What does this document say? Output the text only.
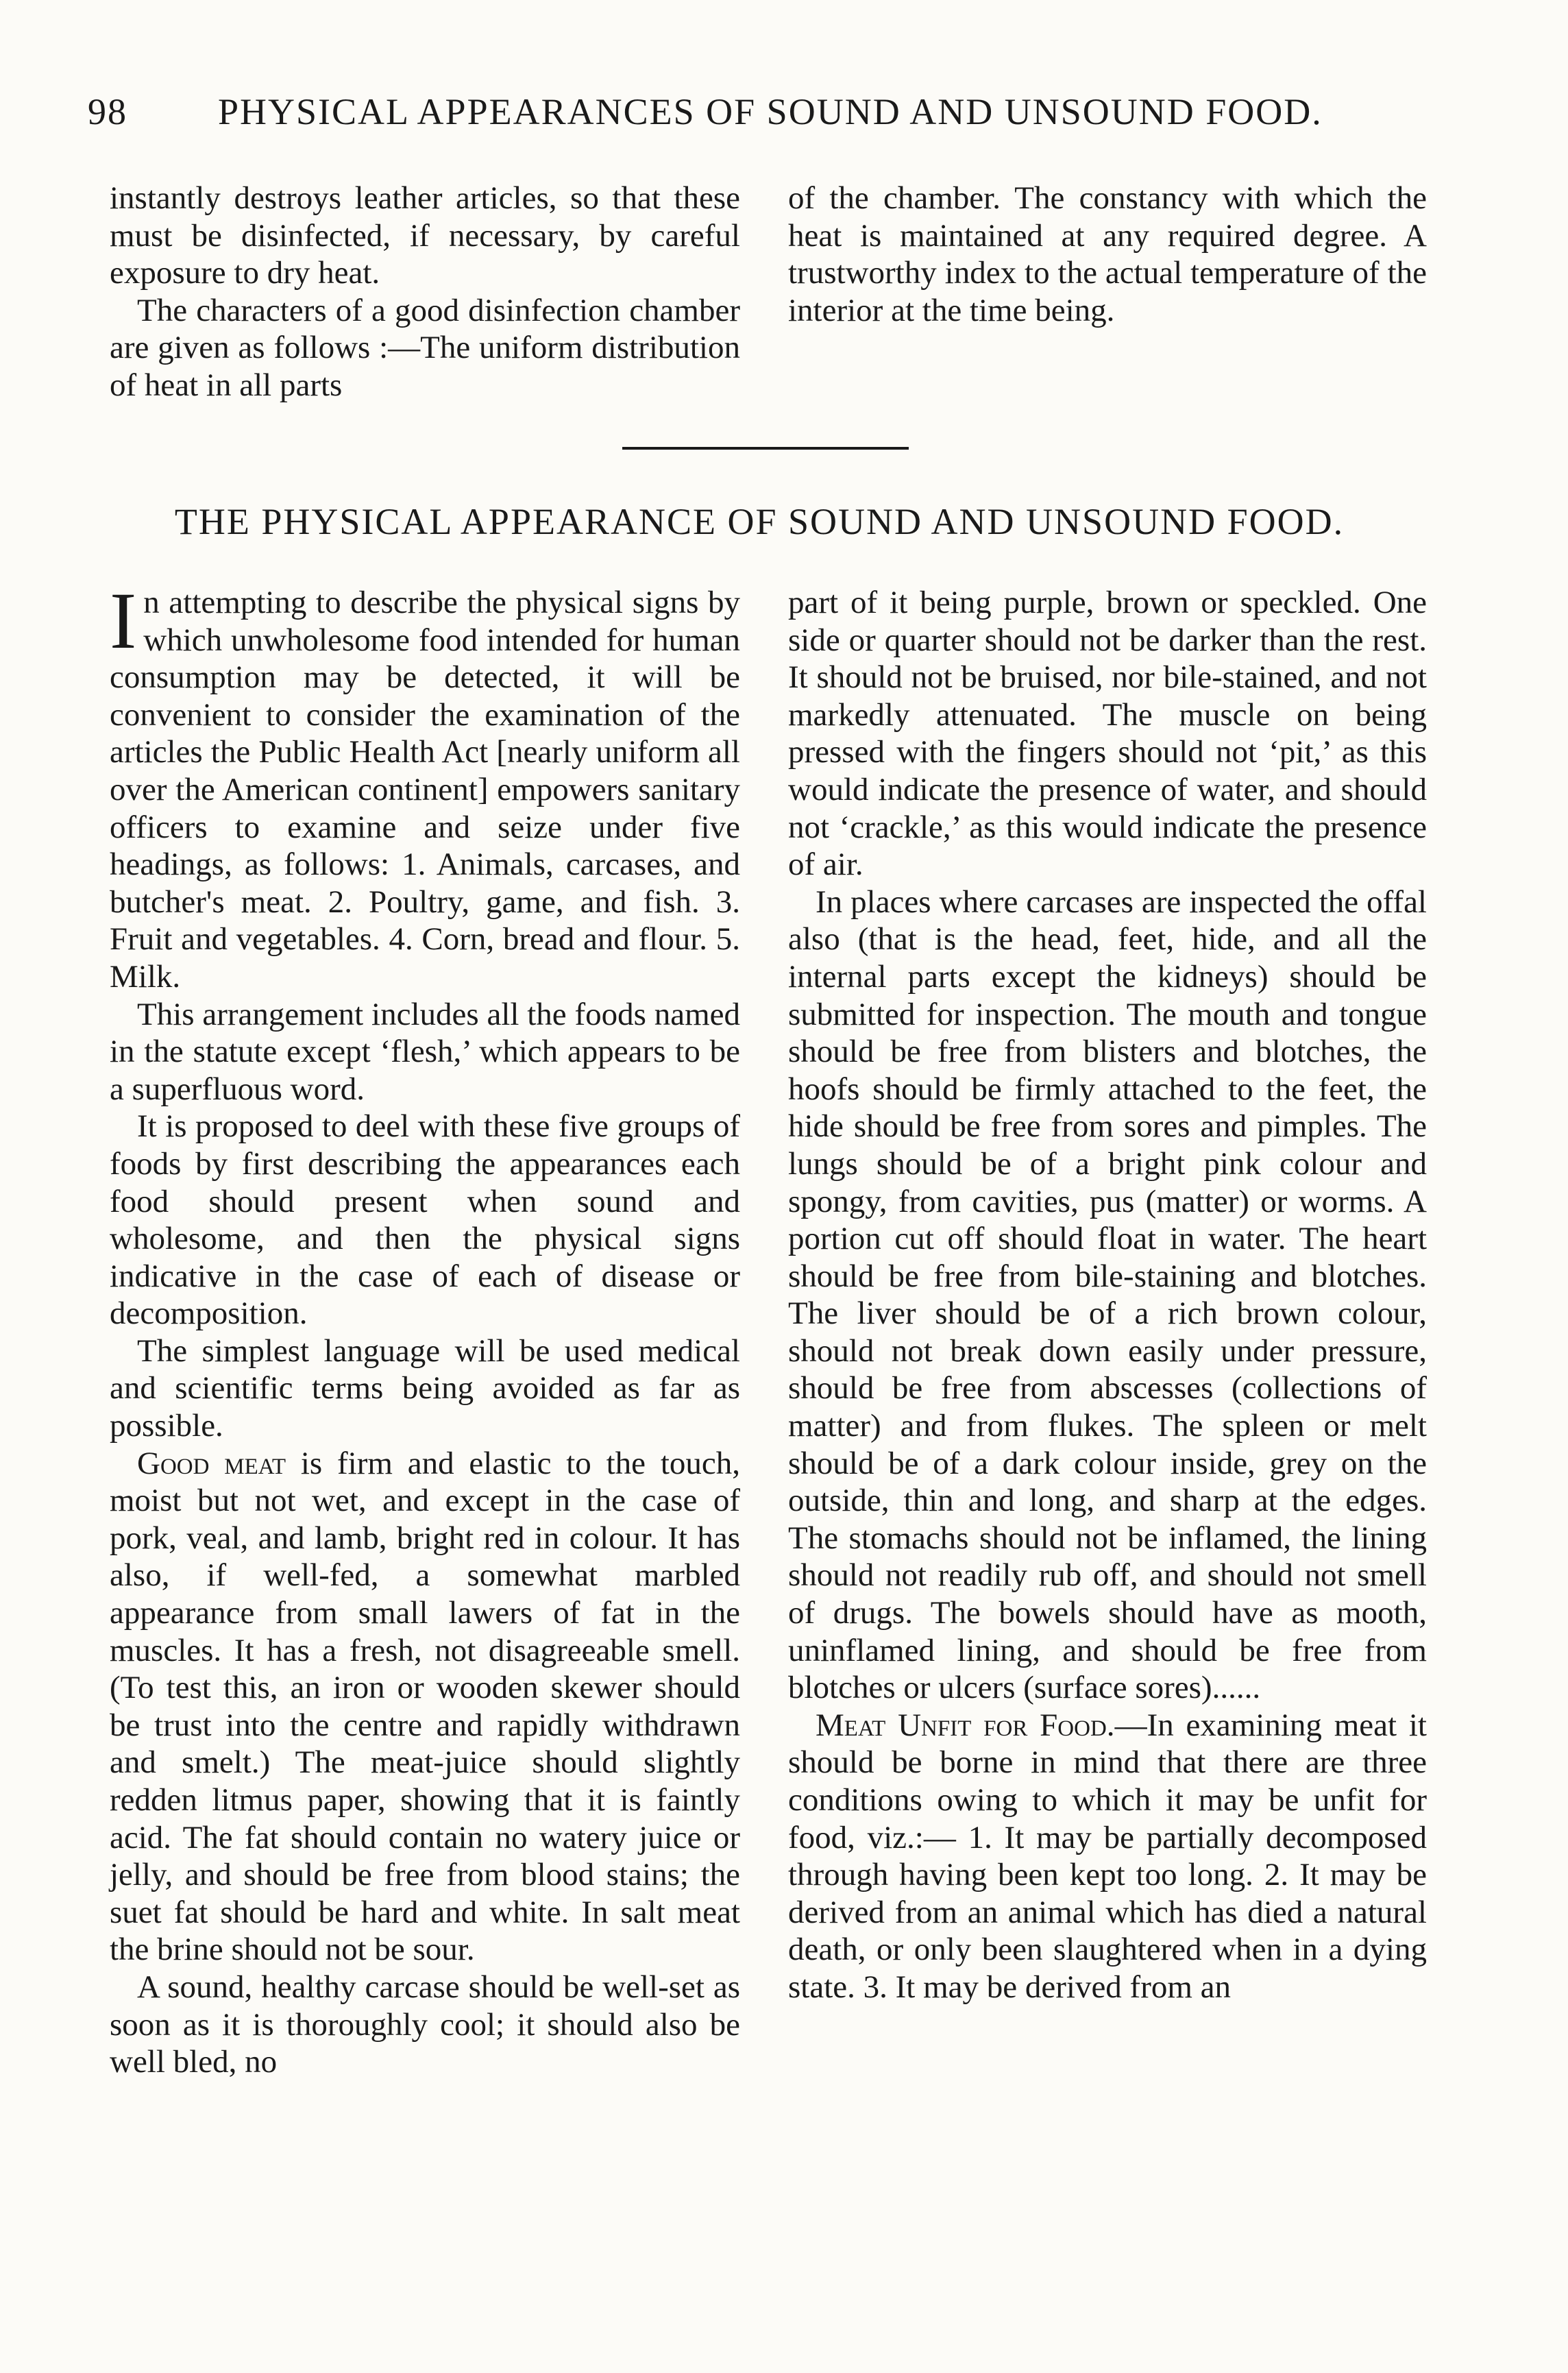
98 PHYSICAL APPEARANCES OF SOUND AND UNSOUND FOOD.

instantly destroys leather articles, so that these must be disinfected, if necessary, by careful exposure to dry heat.

The characters of a good disinfection chamber are given as follows :—The uniform distribution of heat in all parts

of the chamber. The constancy with which the heat is maintained at any required degree. A trustworthy index to the actual temperature of the interior at the time being.

THE PHYSICAL APPEARANCE OF SOUND AND UNSOUND FOOD.

In attempting to describe the physical signs by which unwholesome food intended for human consumption may be detected, it will be convenient to consider the examination of the articles the Public Health Act [nearly uniform all over the American continent] empowers sanitary officers to examine and seize under five headings, as follows: 1. Animals, carcases, and butcher's meat. 2. Poultry, game, and fish. 3. Fruit and vegetables. 4. Corn, bread and flour. 5. Milk.

This arrangement includes all the foods named in the statute except ‘flesh,’ which appears to be a superfluous word.

It is proposed to deel with these five groups of foods by first describing the appearances each food should present when sound and wholesome, and then the physical signs indicative in the case of each of disease or decomposition.

The simplest language will be used medical and scientific terms being avoided as far as possible.

Good meat is firm and elastic to the touch, moist but not wet, and except in the case of pork, veal, and lamb, bright red in colour. It has also, if well-fed, a somewhat marbled appearance from small lawers of fat in the muscles. It has a fresh, not disagreeable smell. (To test this, an iron or wooden skewer should be trust into the centre and rapidly withdrawn and smelt.) The meat-juice should slightly redden litmus paper, showing that it is faintly acid. The fat should contain no watery juice or jelly, and should be free from blood stains; the suet fat should be hard and white. In salt meat the brine should not be sour.

A sound, healthy carcase should be well-set as soon as it is thoroughly cool; it should also be well bled, no

part of it being purple, brown or speckled. One side or quarter should not be darker than the rest. It should not be bruised, nor bile-stained, and not markedly attenuated. The muscle on being pressed with the fingers should not ‘pit,’ as this would indicate the presence of water, and should not ‘crackle,’ as this would indicate the presence of air.

In places where carcases are inspected the offal also (that is the head, feet, hide, and all the internal parts except the kidneys) should be submitted for inspection. The mouth and tongue should be free from blisters and blotches, the hoofs should be firmly attached to the feet, the hide should be free from sores and pimples. The lungs should be of a bright pink colour and spongy, from cavities, pus (matter) or worms. A portion cut off should float in water. The heart should be free from bile-staining and blotches. The liver should be of a rich brown colour, should not break down easily under pressure, should be free from abscesses (collections of matter) and from flukes. The spleen or melt should be of a dark colour inside, grey on the outside, thin and long, and sharp at the edges. The stomachs should not be inflamed, the lining should not readily rub off, and should not smell of drugs. The bowels should have as mooth, uninflamed lining, and should be free from blotches or ulcers (surface sores)......

Meat Unfit for Food.—In examining meat it should be borne in mind that there are three conditions owing to which it may be unfit for food, viz.:— 1. It may be partially decomposed through having been kept too long. 2. It may be derived from an animal which has died a natural death, or only been slaughtered when in a dying state. 3. It may be derived from an
